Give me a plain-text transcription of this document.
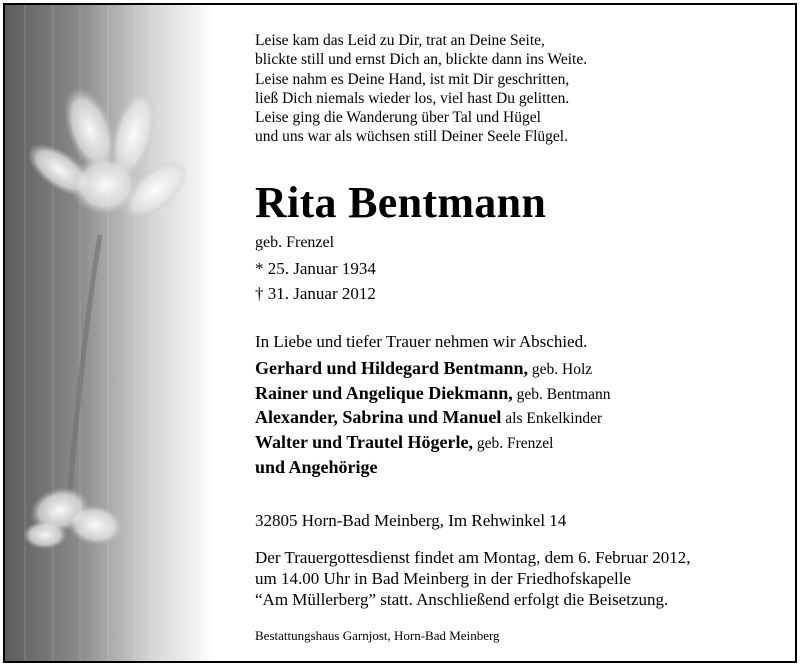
Leise kam das Leid zu Dir, trat an Deine Seite,
blickte still und ernst Dich an, blickte dann ins Weite.
Leise nahm es Deine Hand, ist mit Dir geschritten,
ließ Dich niemals wieder los, viel hast Du gelitten.
Leise ging die Wanderung über Tal und Hügel
und uns war als wüchsen still Deiner Seele Flügel.
Rita Bentmann
geb. Frenzel
* 25. Januar 1934
† 31. Januar 2012
In Liebe und tiefer Trauer nehmen wir Abschied.
Gerhard und Hildegard Bentmann, geb. Holz
Rainer und Angelique Diekmann, geb. Bentmann
Alexander, Sabrina und Manuel als Enkelkinder
Walter und Trautel Högerle, geb. Frenzel
und Angehörige
32805 Horn-Bad Meinberg, Im Rehwinkel 14
Der Trauergottesdienst findet am Montag, dem 6. Februar 2012,
um 14.00 Uhr in Bad Meinberg in der Friedhofskapelle
“Am Müllerberg” statt. Anschließend erfolgt die Beisetzung.
Bestattungshaus Garnjost, Horn-Bad Meinberg
